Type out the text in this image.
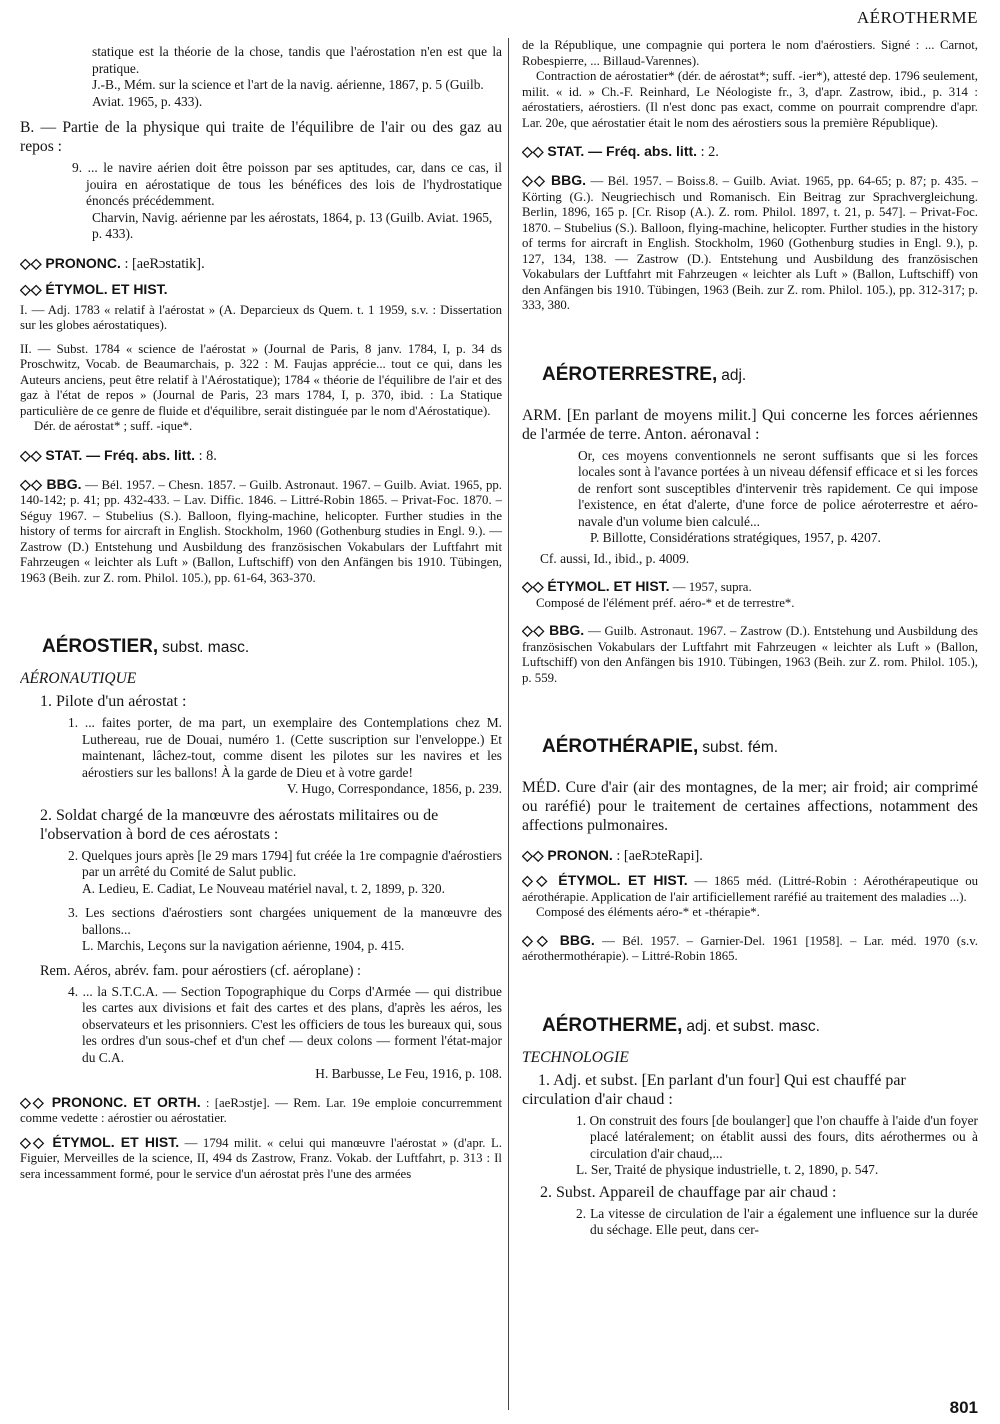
AÉROTHERME
statique est la théorie de la chose, tandis que l'aérostation n'en est que la pratique.
J.-B., Mém. sur la science et l'art de la navig. aérienne, 1867, p. 5 (Guilb. Aviat. 1965, p. 433).
B. — Partie de la physique qui traite de l'équilibre de l'air ou des gaz au repos :
9. ... le navire aérien doit être poisson par ses aptitudes, car, dans ce cas, il jouira en aérostatique de tous les bénéfices des lois de l'hydrostatique énoncés précédemment.
Charvin, Navig. aérienne par les aérostats, 1864, p. 13 (Guilb. Aviat. 1965, p. 433).
◇◇ PRONONC. : [aeRɔstatik].
◇◇ ÉTYMOL. ET HIST.
I. — Adj. 1783 « relatif à l'aérostat » (A. Deparcieux ds Quem. t. 1 1959, s.v. : Dissertation sur les globes aérostatiques).
II. — Subst. 1784 « science de l'aérostat » (Journal de Paris, 8 janv. 1784, I, p. 34 ds Proschwitz, Vocab. de Beaumarchais, p. 322 : M. Faujas apprécie... tout ce qui, dans les Auteurs anciens, peut être relatif à l'Aérostatique); 1784 « théorie de l'équilibre de l'air et des gaz à l'état de repos » (Journal de Paris, 23 mars 1784, I, p. 370, ibid. : La Statique particulière de ce genre de fluide et d'équilibre, serait distinguée par le nom d'Aérostatique).
Dér. de aérostat* ; suff. -ique*.
◇◇ STAT. — Fréq. abs. litt. : 8.
◇◇ BBG. — Bél. 1957. – Chesn. 1857. – Guilb. Astronaut. 1967. – Guilb. Aviat. 1965, pp. 140-142; p. 41; pp. 432-433. – Lav. Diffic. 1846. – Littré-Robin 1865. – Privat-Foc. 1870. – Séguy 1967. – Stubelius (S.). Balloon, flying-machine, helicopter. Further studies in the history of terms for aircraft in English. Stockholm, 1960 (Gothenburg studies in Engl. 9.). — Zastrow (D.) Entstehung und Ausbildung des französischen Vokabulars der Luftfahrt mit Fahrzeugen « leichter als Luft » (Ballon, Luftschiff) von den Anfängen bis 1910. Tübingen, 1963 (Beih. zur Z. rom. Philol. 105.), pp. 61-64, 363-370.
AÉROSTIER, subst. masc.
AÉRONAUTIQUE
1. Pilote d'un aérostat :
1. ... faites porter, de ma part, un exemplaire des Contemplations chez M. Luthereau, rue de Douai, numéro 1. (Cette suscription sur l'enveloppe.) Et maintenant, lâchez-tout, comme disent les pilotes sur les navires et les aérostiers sur les ballons! À la garde de Dieu et à votre garde!
V. Hugo, Correspondance, 1856, p. 239.
2. Soldat chargé de la manœuvre des aérostats militaires ou de l'observation à bord de ces aérostats :
2. Quelques jours après [le 29 mars 1794] fut créée la 1re compagnie d'aérostiers par un arrêté du Comité de Salut public.
A. Ledieu, E. Cadiat, Le Nouveau matériel naval, t. 2, 1899, p. 320.
3. Les sections d'aérostiers sont chargées uniquement de la manœuvre des ballons...
L. Marchis, Leçons sur la navigation aérienne, 1904, p. 415.
Rem. Aéros, abrév. fam. pour aérostiers (cf. aéroplane) :
4. ... la S.T.C.A. — Section Topographique du Corps d'Armée — qui distribue les cartes aux divisions et fait des cartes et des plans, d'après les aéros, les observateurs et les prisonniers. C'est les officiers de tous les bureaux qui, sous les ordres d'un sous-chef et d'un chef — deux colons — forment l'état-major du C.A.
H. Barbusse, Le Feu, 1916, p. 108.
◇◇ PRONONC. ET ORTH. : [aeRɔstje]. — Rem. Lar. 19e emploie concurremment comme vedette : aérostier ou aérostatier.
◇◇ ÉTYMOL. ET HIST. — 1794 milit. « celui qui manœuvre l'aérostat » (d'apr. L. Figuier, Merveilles de la science, II, 494 ds Zastrow, Franz. Vokab. der Luftfahrt, p. 313 : Il sera incessamment formé, pour le service d'un aérostat près l'une des armées
de la République, une compagnie qui portera le nom d'aérostiers. Signé : ... Carnot, Robespierre, ... Billaud-Varennes).
Contraction de aérostatier* (dér. de aérostat*; suff. -ier*), attesté dep. 1796 seulement, milit. « id. » Ch.-F. Reinhard, Le Néologiste fr., 3, d'apr. Zastrow, ibid., p. 314 : aérostatiers, aérostiers. (Il n'est donc pas exact, comme on pourrait comprendre d'apr. Lar. 20e, que aérostatier était le nom des aérostiers sous la première République).
◇◇ STAT. — Fréq. abs. litt. : 2.
◇◇ BBG. — Bél. 1957. – Boiss.8. – Guilb. Aviat. 1965, pp. 64-65; p. 87; p. 435. – Körting (G.). Neugriechisch und Romanisch. Ein Beitrag zur Sprachvergleichung. Berlin, 1896, 165 p. [Cr. Risop (A.). Z. rom. Philol. 1897, t. 21, p. 547]. – Privat-Foc. 1870. – Stubelius (S.). Balloon, flying-machine, helicopter. Further studies in the history of terms for aircraft in English. Stockholm, 1960 (Gothenburg studies in Engl. 9.), p. 127, 134, 138. — Zastrow (D.). Entstehung und Ausbildung des französischen Vokabulars der Luftfahrt mit Fahrzeugen « leichter als Luft » (Ballon, Luftschiff) von den Anfängen bis 1910. Tübingen, 1963 (Beih. zur Z. rom. Philol. 105.), pp. 312-317; p. 333, 380.
AÉROTERRESTRE, adj.
ARM. [En parlant de moyens milit.] Qui concerne les forces aériennes de l'armée de terre. Anton. aéronaval :
Or, ces moyens conventionnels ne seront suffisants que si les forces locales sont à l'avance portées à un niveau défensif efficace et si les forces de renfort sont susceptibles d'intervenir très rapidement. Ce qui impose l'existence, en état d'alerte, d'une force de police aéroterrestre et aéro-navale d'un volume bien calculé...
P. Billotte, Considérations stratégiques, 1957, p. 4207.
Cf. aussi, Id., ibid., p. 4009.
◇◇ ÉTYMOL. ET HIST. — 1957, supra.
Composé de l'élément préf. aéro-* et de terrestre*.
◇◇ BBG. — Guilb. Astronaut. 1967. – Zastrow (D.). Entstehung und Ausbildung des französischen Vokabulars der Luftfahrt mit Fahrzeugen « leichter als Luft » (Ballon, Luftschiff) von den Anfängen bis 1910. Tübingen, 1963 (Beih. zur Z. rom. Philol. 105.), p. 559.
AÉROTHÉRAPIE, subst. fém.
MÉD. Cure d'air (air des montagnes, de la mer; air froid; air comprimé ou raréfié) pour le traitement de certaines affections, notamment des affections pulmonaires.
◇◇ PRONON. : [aeRɔteRapi].
◇◇ ÉTYMOL. ET HIST. — 1865 méd. (Littré-Robin : Aérothérapeutique ou aérothérapie. Application de l'air artificiellement raréfié au traitement des maladies ...).
Composé des éléments aéro-* et -thérapie*.
◇◇ BBG. — Bél. 1957. – Garnier-Del. 1961 [1958]. – Lar. méd. 1970 (s.v. aérothermothérapie). – Littré-Robin 1865.
AÉROTHERME, adj. et subst. masc.
TECHNOLOGIE
1. Adj. et subst. [En parlant d'un four] Qui est chauffé par circulation d'air chaud :
1. On construit des fours [de boulanger] que l'on chauffe à l'aide d'un foyer placé latéralement; on établit aussi des fours, dits aérothermes ou à circulation d'air chaud,...
L. Ser, Traité de physique industrielle, t. 2, 1890, p. 547.
2. Subst. Appareil de chauffage par air chaud :
2. La vitesse de circulation de l'air a également une influence sur la durée du séchage. Elle peut, dans cer-
801
